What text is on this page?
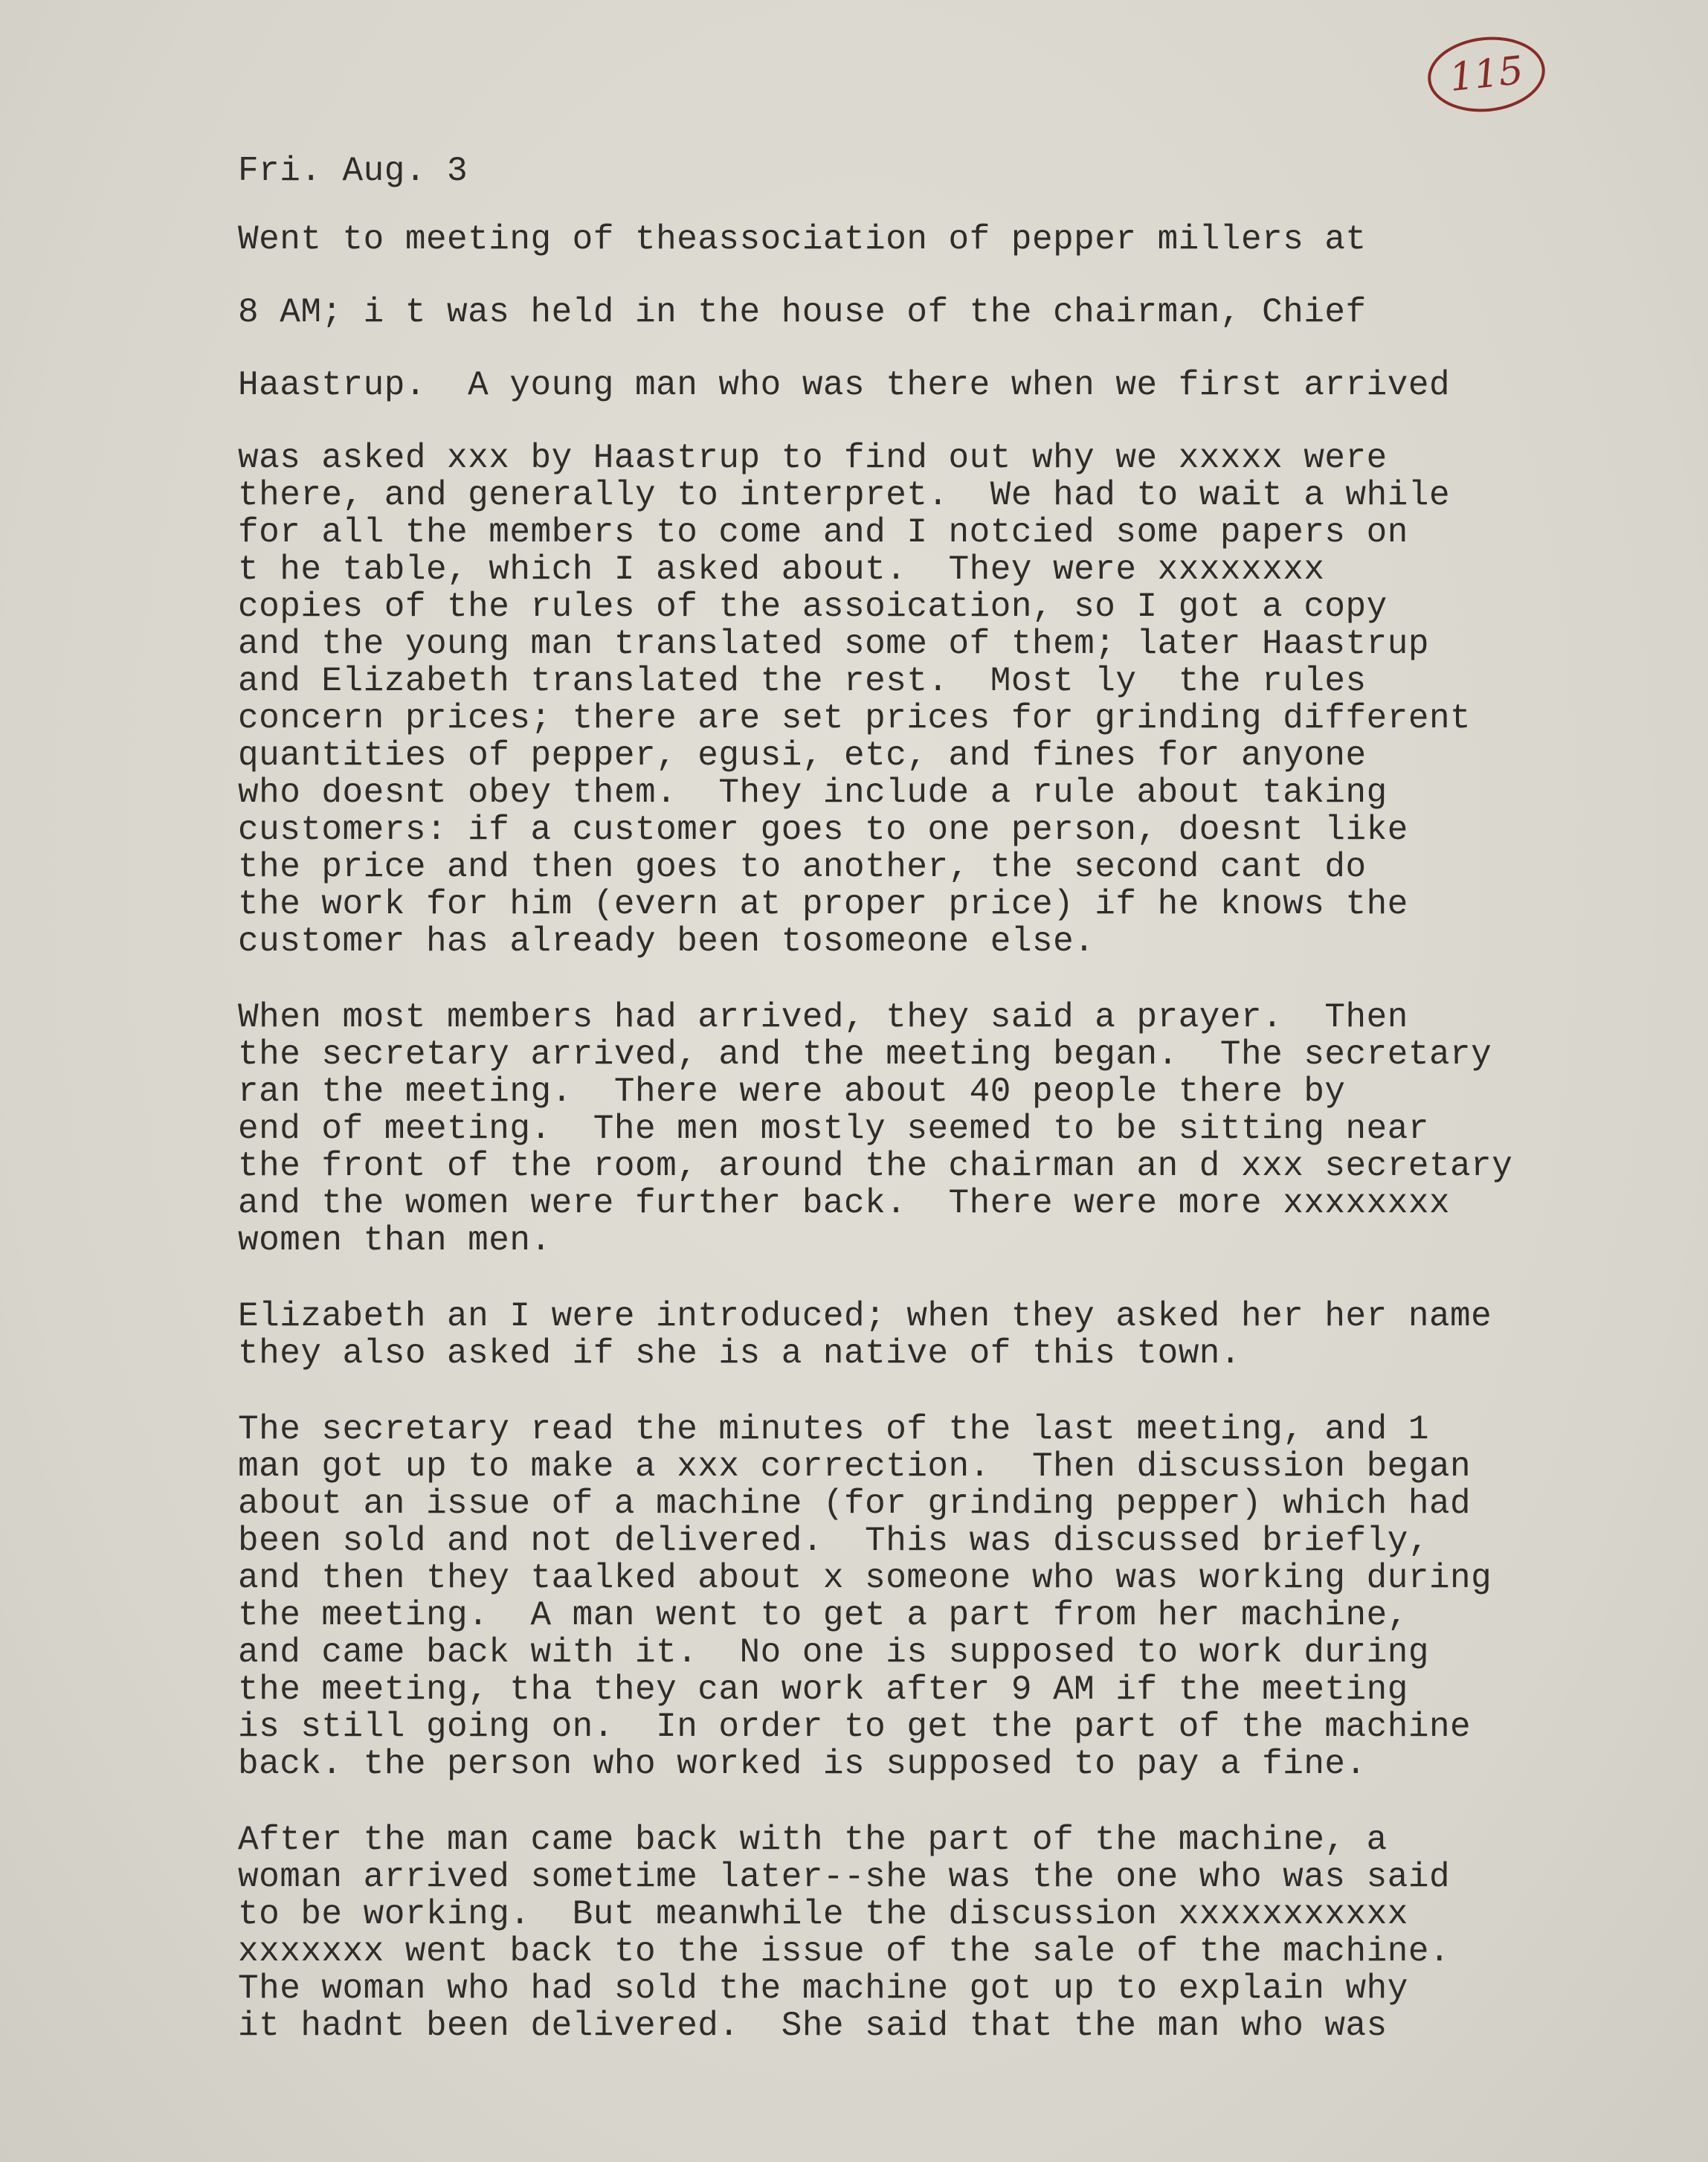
115
Fri. Aug. 3
Went to meeting of theassociation of pepper millers at
8 AM; i t was held in the house of the chairman, Chief
Haastrup.  A young man who was there when we first arrived
was asked xxx by Haastrup to find out why we xxxxx were
there, and generally to interpret.  We had to wait a while
for all the members to come and I notcied some papers on
t he table, which I asked about.  They were xxxxxxxx
copies of the rules of the assoication, so I got a copy
and the young man translated some of them; later Haastrup
and Elizabeth translated the rest.  Most ly  the rules
concern prices; there are set prices for grinding different
quantities of pepper, egusi, etc, and fines for anyone
who doesnt obey them.  They include a rule about taking
customers: if a customer goes to one person, doesnt like
the price and then goes to another, the second cant do
the work for him (evern at proper price) if he knows the
customer has already been tosomeone else.
When most members had arrived, they said a prayer.  Then
the secretary arrived, and the meeting began.  The secretary
ran the meeting.  There were about 40 people there by
end of meeting.  The men mostly seemed to be sitting near
the front of the room, around the chairman an d xxx secretary
and the women were further back.  There were more xxxxxxxx
women than men.
Elizabeth an I were introduced; when they asked her her name
they also asked if she is a native of this town.
The secretary read the minutes of the last meeting, and 1
man got up to make a xxx correction.  Then discussion began
about an issue of a machine (for grinding pepper) which had
been sold and not delivered.  This was discussed briefly,
and then they taalked about x someone who was working during
the meeting.  A man went to get a part from her machine,
and came back with it.  No one is supposed to work during
the meeting, tha they can work after 9 AM if the meeting
is still going on.  In order to get the part of the machine
back. the person who worked is supposed to pay a fine.
After the man came back with the part of the machine, a
woman arrived sometime later--she was the one who was said
to be working.  But meanwhile the discussion xxxxxxxxxxx
xxxxxxx went back to the issue of the sale of the machine.
The woman who had sold the machine got up to explain why
it hadnt been delivered.  She said that the man who was
